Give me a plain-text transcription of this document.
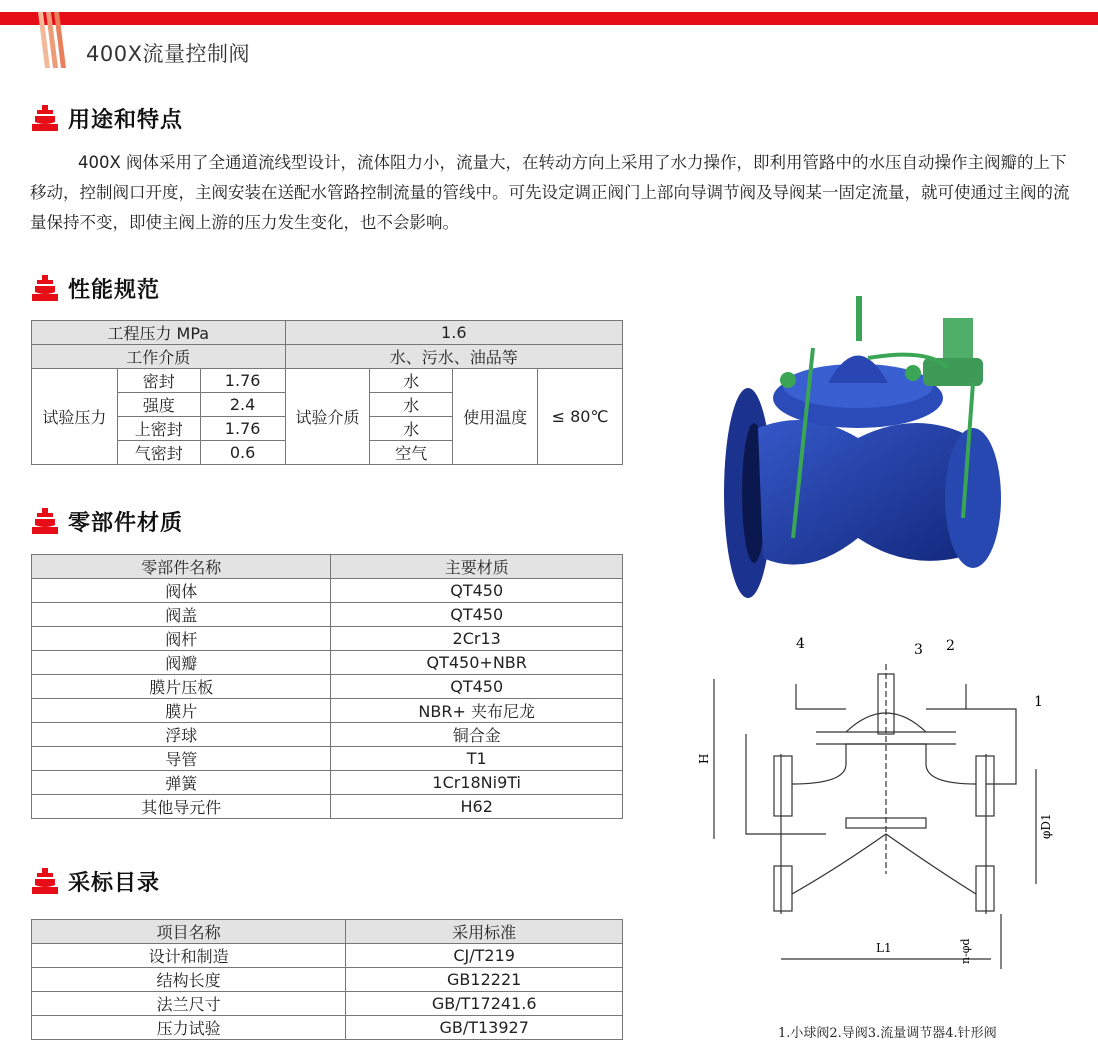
400X流量控制阀
用途和特点
400X 阀体采用了全通道流线型设计，流体阻力小，流量大，在转动方向上采用了水力操作，即利用管路中的水压自动操作主阀瓣的上下移动，控制阀口开度，主阀安装在送配水管路控制流量的管线中。可先设定调正阀门上部向导调节阀及导阀某一固定流量，就可使通过主阀的流量保持不变，即使主阀上游的压力发生变化，也不会影响。
性能规范
工程压力 MPa			1.6			
工作介质			水、污水、油品等			
试验压力	密封	1.76	试验介质	水	使用温度	≤ 80℃
	强度	2.4		水		
	上密封	1.76		水		
	气密封	0.6		空气		
零部件材质
零部件名称	主要材质
阀体	QT450
阀盖	QT450
阀杆	2Cr13
阀瓣	QT450+NBR
膜片压板	QT450
膜片	NBR+ 夹布尼龙
浮球	铜合金
导管	T1
弹簧	1Cr18Ni9Ti
其他导元件	H62
采标目录
项目名称	采用标准
设计和制造	CJ/T219
结构长度	GB12221
法兰尺寸	GB/T17241.6
压力试验	GB/T13927
H
φD1
L1	n-φd
1
2
3
4
1.小球阀2.导阀3.流量调节器4.针形阀
